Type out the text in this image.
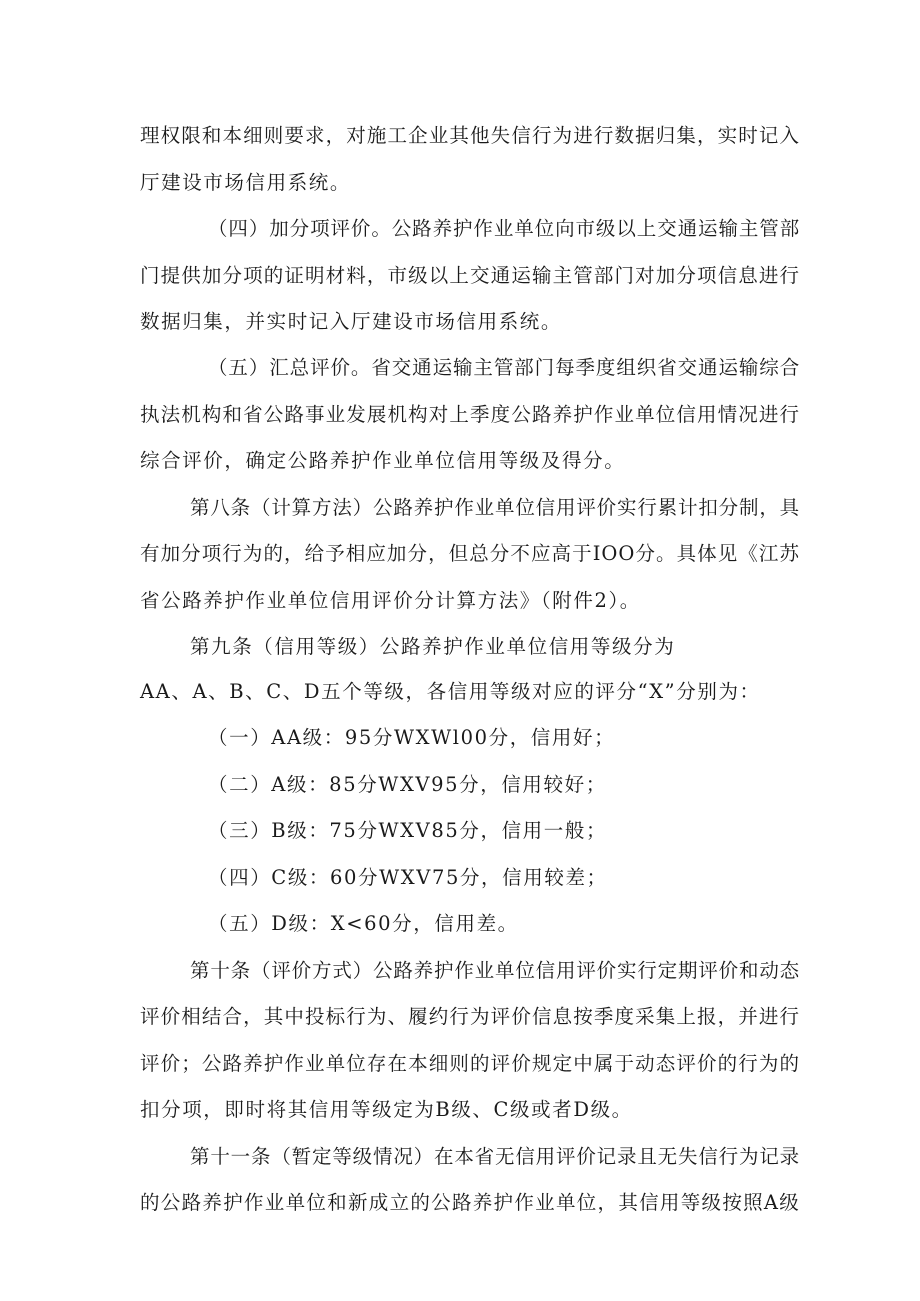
理权限和本细则要求，对施工企业其他失信行为进行数据归集，实时记入
厅建设市场信用系统。
（四）加分项评价。公路养护作业单位向市级以上交通运输主管部
门提供加分项的证明材料，市级以上交通运输主管部门对加分项信息进行
数据归集，并实时记入厅建设市场信用系统。
（五）汇总评价。省交通运输主管部门每季度组织省交通运输综合
执法机构和省公路事业发展机构对上季度公路养护作业单位信用情况进行
综合评价，确定公路养护作业单位信用等级及得分。
第八条（计算方法）公路养护作业单位信用评价实行累计扣分制，具
有加分项行为的，给予相应加分，但总分不应高于IOO分。具体见《江苏
省公路养护作业单位信用评价分计算方法》（附件2）。
第九条（信用等级）公路养护作业单位信用等级分为
AA、A、B、C、D五个等级，各信用等级对应的评分“X”分别为：
（一）AA级：95分WXWl00分，信用好；
（二）A级：85分WXV95分，信用较好；
（三）B级：75分WXV85分，信用一般；
（四）C级：60分WXV75分，信用较差；
（五）D级：X<60分，信用差。
第十条（评价方式）公路养护作业单位信用评价实行定期评价和动态
评价相结合，其中投标行为、履约行为评价信息按季度采集上报，并进行
评价；公路养护作业单位存在本细则的评价规定中属于动态评价的行为的
扣分项，即时将其信用等级定为B级、C级或者D级。
第十一条（暂定等级情况）在本省无信用评价记录且无失信行为记录
的公路养护作业单位和新成立的公路养护作业单位，其信用等级按照A级
